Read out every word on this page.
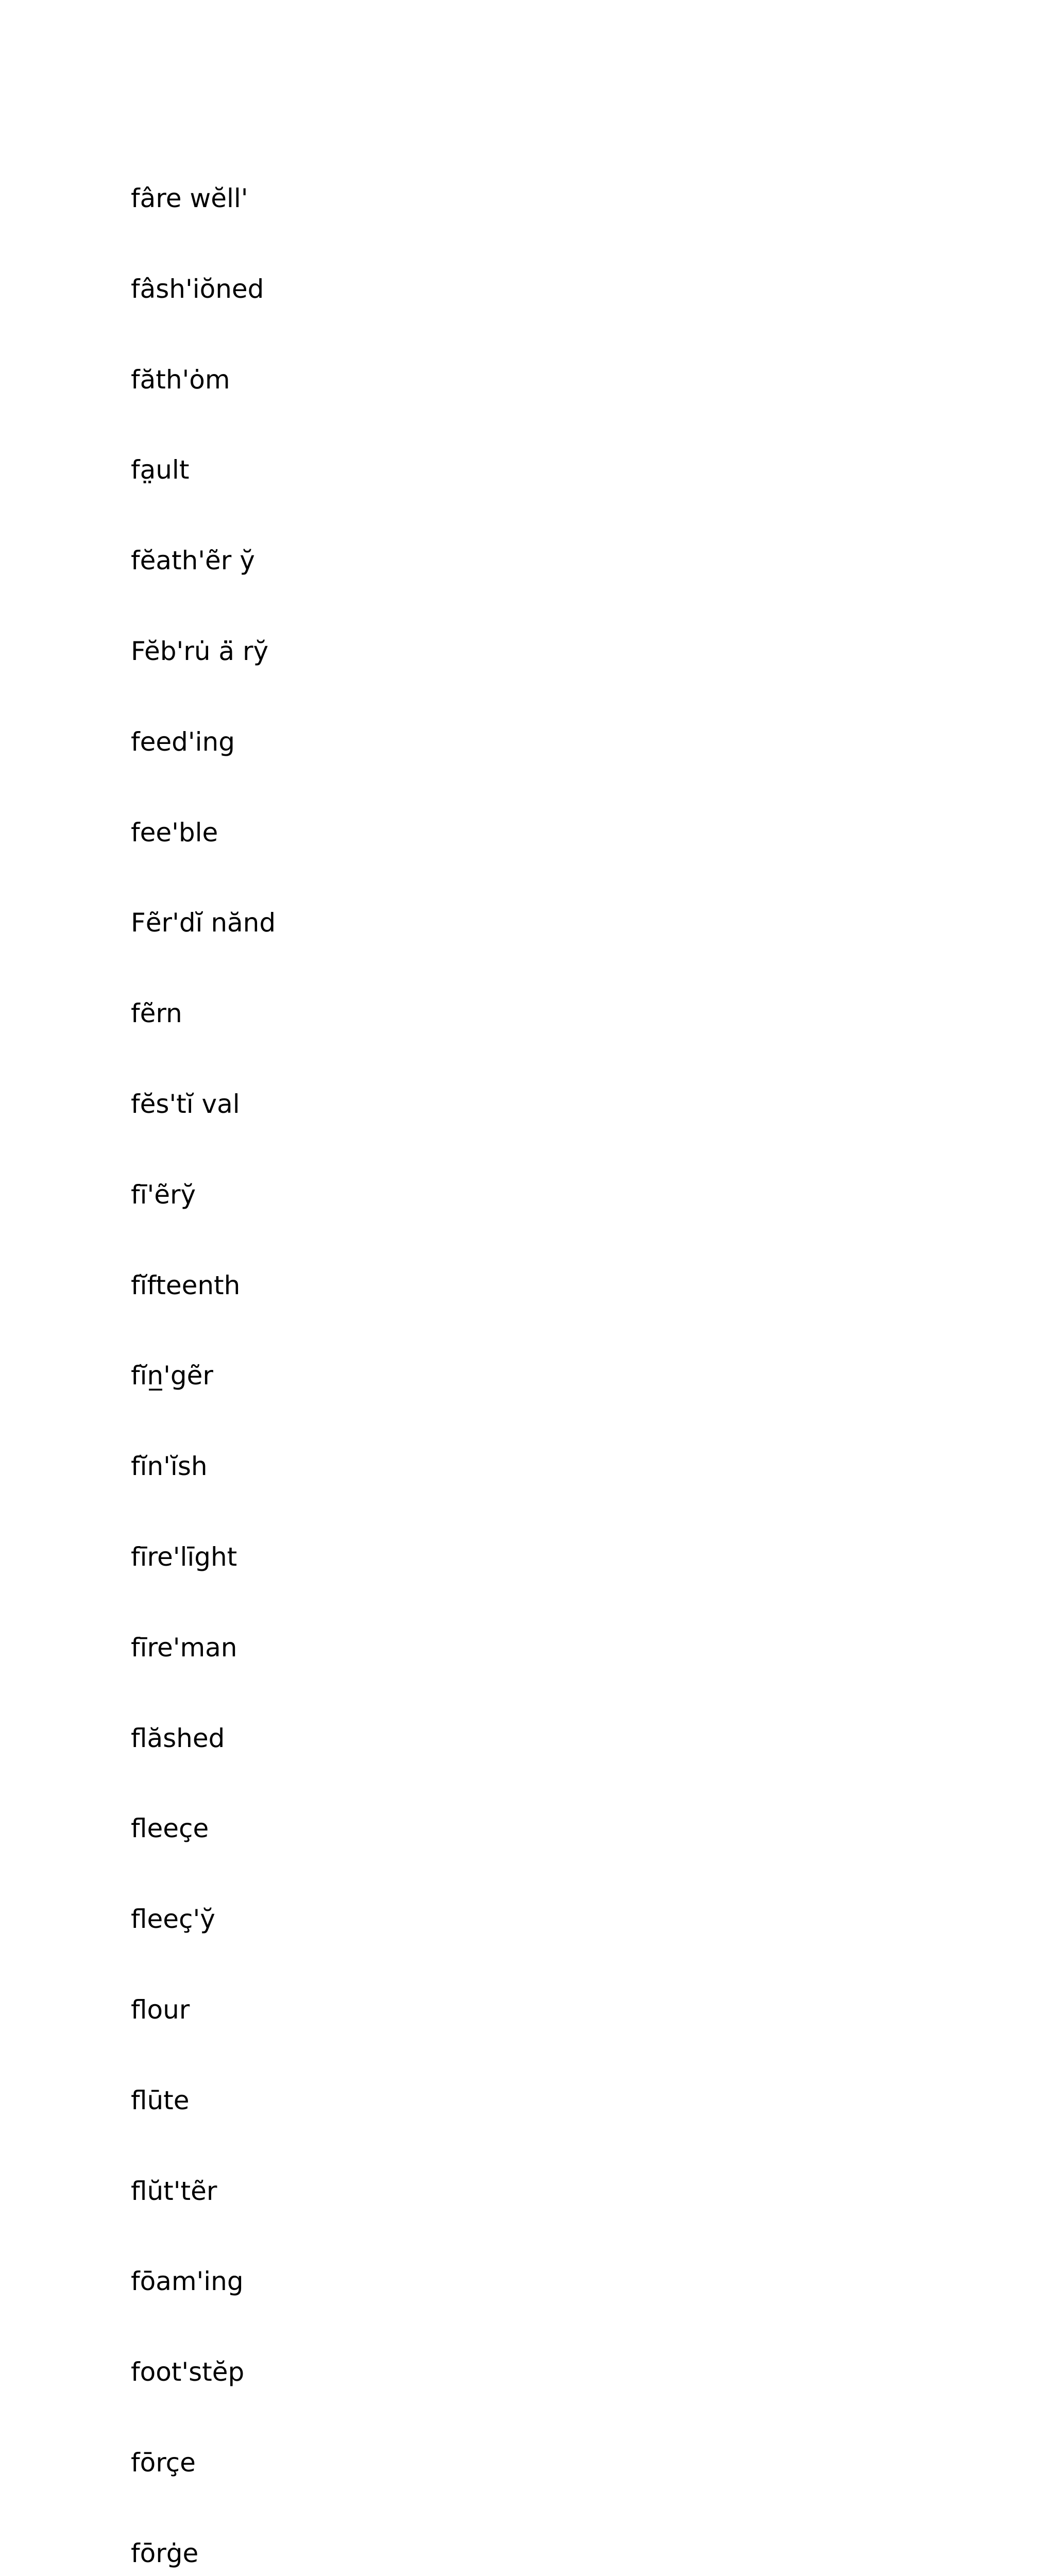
fâre wĕll'

fâsh'i̇ŏned

făth'ȯm

fa̤ult

fĕath'ẽr y̆

Fĕb'ru̇ ȧ̈ ry̆

feed'ing

fee'ble

Fẽr'dĭ nănd

fẽrn

fĕs'tĭ val

fī'ẽry̆

fĭfteenth

fĭn̲'gẽr

fĭn'ĭsh

fīre'līght

fīre'man

flăshed

fleeçe

fleeç'y̆

flour

flūte

flŭt'tẽr

fōam'ing

foot'stĕp

fōrçe

fōrġe
